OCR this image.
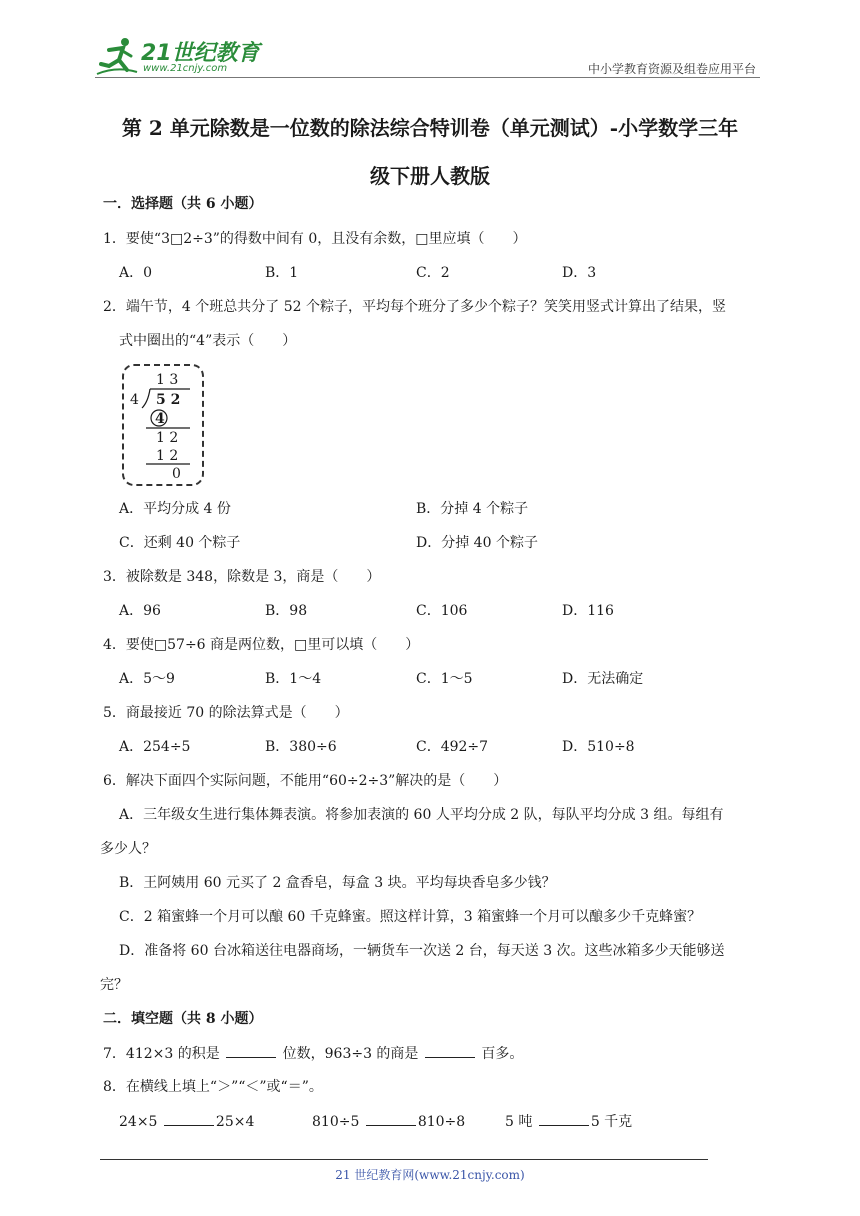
21世纪教育
www.21cnjy.com	中小学教育资源及组卷应用平台
第 2 单元除数是一位数的除法综合特训卷（单元测试）-小学数学三年
级下册人教版
一．选择题（共 6 小题）
1．要使“3□2÷3”的得数中间有 0，且没有余数，□里应填（　　）
A．0	B．1	C．2	D．3
2．端午节，4 个班总共分了 52 个粽子，平均每个班分了多少个粽子？笑笑用竖式计算出了结果，竖
式中圈出的“4”表示（　　）
1 3
4 5 2
4
1 2
1 2
0
A．平均分成 4 份	B．分掉 4 个粽子
C．还剩 40 个粽子	D．分掉 40 个粽子
3．被除数是 348，除数是 3，商是（　　）
A．96	B．98	C．106	D．116
4．要使□57÷6 商是两位数，□里可以填（　　）
A．5～9	B．1～4	C．1～5	D．无法确定
5．商最接近 70 的除法算式是（　　）
A．254÷5	B．380÷6	C．492÷7	D．510÷8
6．解决下面四个实际问题，不能用“60÷2÷3”解决的是（　　）
A．三年级女生进行集体舞表演。将参加表演的 60 人平均分成 2 队，每队平均分成 3 组。每组有
多少人？
B．王阿姨用 60 元买了 2 盒香皂，每盒 3 块。平均每块香皂多少钱？
C．2 箱蜜蜂一个月可以酿 60 千克蜂蜜。照这样计算，3 箱蜜蜂一个月可以酿多少千克蜂蜜？
D．准备将 60 台冰箱送往电器商场，一辆货车一次送 2 台，每天送 3 次。这些冰箱多少天能够送
完？
二．填空题（共 8 小题）
7．412×3 的积是	位数，963÷3 的商是	百多。
8．在横线上填上“＞”“＜”或“＝”。
24×5	25×4	810÷5	810÷8	5 吨	5 千克
21 世纪教育网(www.21cnjy.com)
